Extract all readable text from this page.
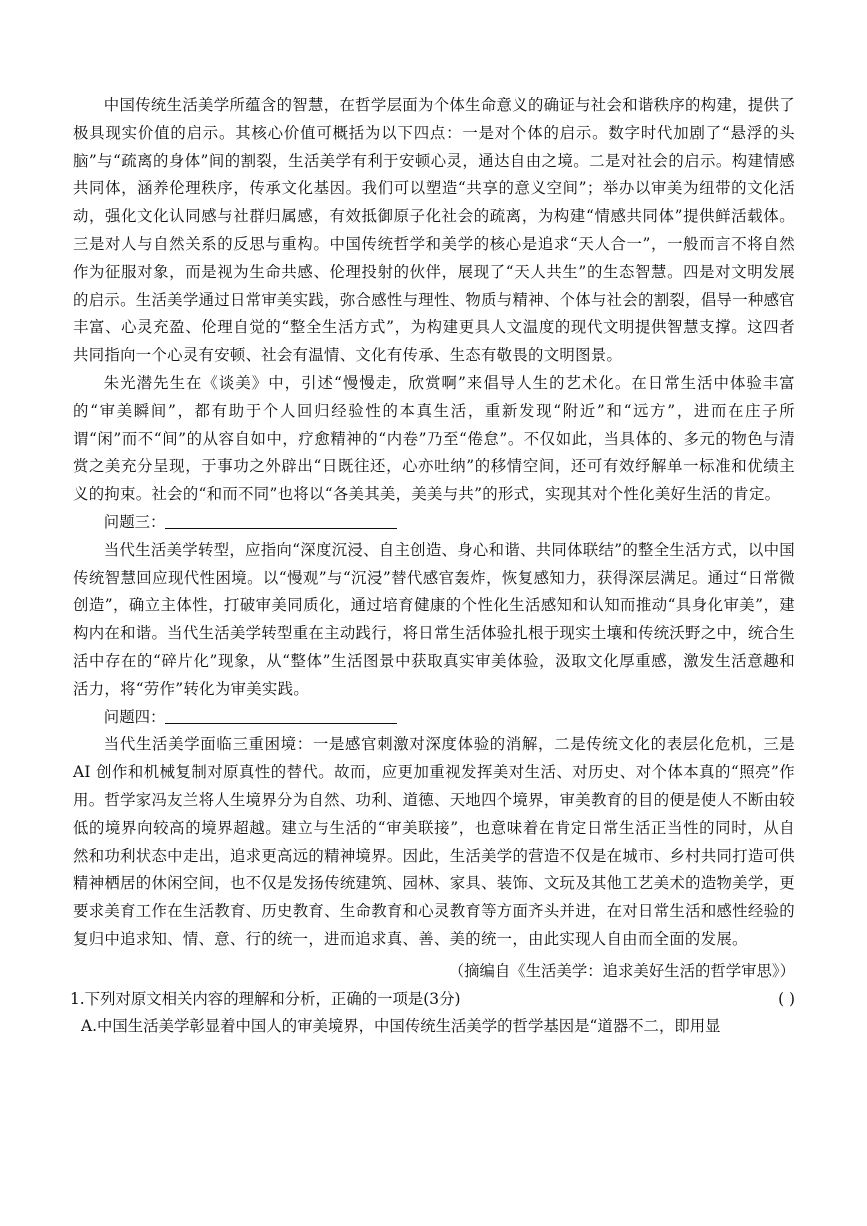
中国传统生活美学所蕴含的智慧，在哲学层面为个体生命意义的确证与社会和谐秩序的构建，提供了极具现实价值的启示。其核心价值可概括为以下四点：一是对个体的启示。数字时代加剧了“悬浮的头脑”与“疏离的身体”间的割裂，生活美学有利于安顿心灵，通达自由之境。二是对社会的启示。构建情感共同体，涵养伦理秩序，传承文化基因。我们可以塑造“共享的意义空间”；举办以审美为纽带的文化活动，强化文化认同感与社群归属感，有效抵御原子化社会的疏离，为构建“情感共同体”提供鲜活载体。三是对人与自然关系的反思与重构。中国传统哲学和美学的核心是追求“天人合一”，一般而言不将自然作为征服对象，而是视为生命共感、伦理投射的伙伴，展现了“天人共生”的生态智慧。四是对文明发展的启示。生活美学通过日常审美实践，弥合感性与理性、物质与精神、个体与社会的割裂，倡导一种感官丰富、心灵充盈、伦理自觉的“整全生活方式”，为构建更具人文温度的现代文明提供智慧支撑。这四者共同指向一个心灵有安顿、社会有温情、文化有传承、生态有敬畏的文明图景。

朱光潜先生在《谈美》中，引述“慢慢走，欣赏啊”来倡导人生的艺术化。在日常生活中体验丰富的“审美瞬间”，都有助于个人回归经验性的本真生活，重新发现“附近”和“远方”，进而在庄子所谓“闲”而不“间”的从容自如中，疗愈精神的“内卷”乃至“倦怠”。不仅如此，当具体的、多元的物色与清赏之美充分呈现，于事功之外辟出“日既往还，心亦吐纳”的移情空间，还可有效纾解单一标准和优绩主义的拘束。社会的“和而不同”也将以“各美其美，美美与共”的形式，实现其对个性化美好生活的肯定。

问题三：

当代生活美学转型，应指向“深度沉浸、自主创造、身心和谐、共同体联结”的整全生活方式，以中国传统智慧回应现代性困境。以“慢观”与“沉浸”替代感官轰炸，恢复感知力，获得深层满足。通过“日常微创造”，确立主体性，打破审美同质化，通过培育健康的个性化生活感知和认知而推动“具身化审美”，建构内在和谐。当代生活美学转型重在主动践行，将日常生活体验扎根于现实土壤和传统沃野之中，统合生活中存在的“碎片化”现象，从“整体”生活图景中获取真实审美体验，汲取文化厚重感，激发生活意趣和活力，将“劳作”转化为审美实践。

问题四：

当代生活美学面临三重困境：一是感官刺激对深度体验的消解，二是传统文化的表层化危机，三是 AI 创作和机械复制对原真性的替代。故而，应更加重视发挥美对生活、对历史、对个体本真的“照亮”作用。哲学家冯友兰将人生境界分为自然、功利、道德、天地四个境界，审美教育的目的便是使人不断由较低的境界向较高的境界超越。建立与生活的“审美联接”，也意味着在肯定日常生活正当性的同时，从自然和功利状态中走出，追求更高远的精神境界。因此，生活美学的营造不仅是在城市、乡村共同打造可供精神栖居的休闲空间，也不仅是发扬传统建筑、园林、家具、装饰、文玩及其他工艺美术的造物美学，更要求美育工作在生活教育、历史教育、生命教育和心灵教育等方面齐头并进，在对日常生活和感性经验的复归中追求知、情、意、行的统一，进而追求真、善、美的统一，由此实现人自由而全面的发展。

（摘编自《生活美学：追求美好生活的哲学审思》）

1.下列对原文相关内容的理解和分析，正确的一项是(3分)	( )

A.中国生活美学彰显着中国人的审美境界，中国传统生活美学的哲学基因是“道器不二，即用显
